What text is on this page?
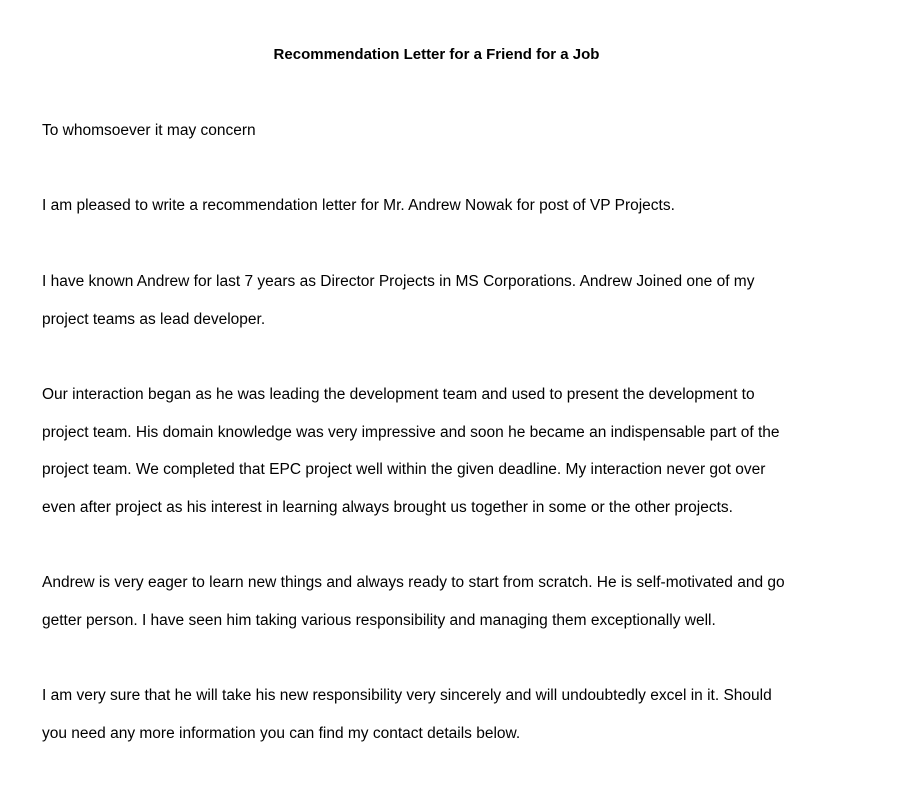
Recommendation Letter for a Friend for a Job
To whomsoever it may concern
I am pleased to write a recommendation letter for Mr. Andrew Nowak for post of VP Projects.
I have known Andrew for last 7 years as Director Projects in MS Corporations. Andrew Joined one of my
project teams as lead developer.
Our interaction began as he was leading the development team and used to present the development to
project team. His domain knowledge was very impressive and soon he became an indispensable part of the
project team. We completed that EPC project well within the given deadline. My interaction never got over
even after project as his interest in learning always brought us together in some or the other projects.
Andrew is very eager to learn new things and always ready to start from scratch. He is self-motivated and go
getter person. I have seen him taking various responsibility and managing them exceptionally well.
I am very sure that he will take his new responsibility very sincerely and will undoubtedly excel in it. Should
you need any more information you can find my contact details below.
